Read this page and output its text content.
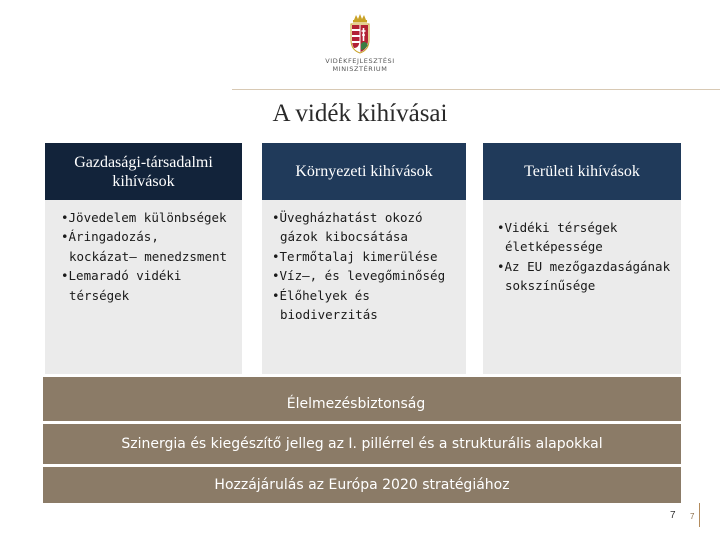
VIDÉKFEJLESZTÉSI
MINISZTÉRIUM
A vidék kihívásai
Gazdasági-társadalmi kihívások
• Jövedelem különbségek
• Áringadozás, kockázat– menedzsment
• Lemaradó vidéki térségek
Környezeti kihívások
• Üvegházhatást okozó gázok kibocsátása
• Termőtalaj kimerülése
• Víz–, és levegőminőség
• Élőhelyek és biodiverzitás
Területi kihívások
• Vidéki térségek életképessége
• Az EU mezőgazdaságának sokszínűsége
Élelmezésbiztonság
Szinergia és kiegészítő jelleg az I. pillérrel és a strukturális alapokkal
Hozzájárulás az Európa 2020 stratégiához
7 7
